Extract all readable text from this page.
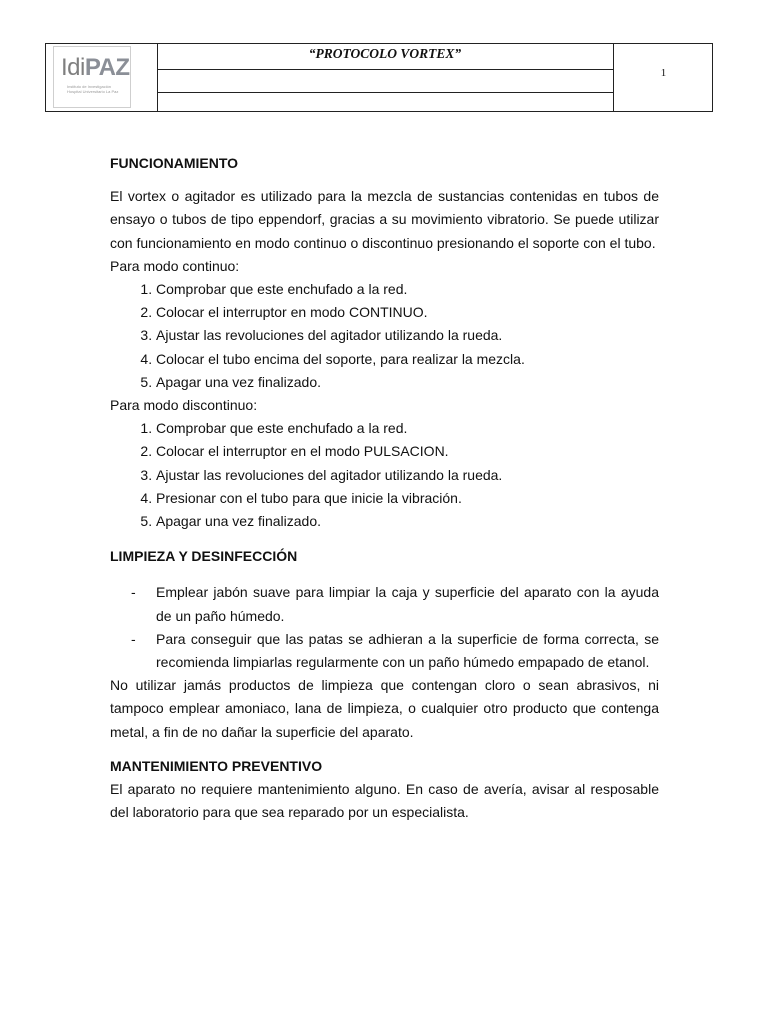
IdiPAZ
Instituto de Investigación Hospital Universitario La Paz
“PROTOCOLO VORTEX”
1
FUNCIONAMIENTO
El vortex o agitador es utilizado para la mezcla de sustancias contenidas en tubos de ensayo o tubos de tipo eppendorf, gracias a su movimiento vibratorio. Se puede utilizar con funcionamiento en modo continuo o discontinuo presionando el soporte con el tubo.
Para modo continuo:
1. Comprobar que este enchufado a la red.
2. Colocar el interruptor en modo CONTINUO.
3. Ajustar las revoluciones del agitador utilizando la rueda.
4. Colocar el tubo encima del soporte, para realizar la mezcla.
5. Apagar una vez finalizado.
Para modo discontinuo:
1. Comprobar que este enchufado a la red.
2. Colocar el interruptor en el modo PULSACION.
3. Ajustar las revoluciones del agitador utilizando la rueda.
4. Presionar con el tubo para que inicie la vibración.
5. Apagar una vez finalizado.
LIMPIEZA Y DESINFECCIÓN
- Emplear jabón suave para limpiar la caja y superficie del aparato con la ayuda de un paño húmedo.
- Para conseguir que las patas se adhieran a la superficie de forma correcta, se recomienda limpiarlas regularmente con un paño húmedo empapado de etanol.
No utilizar jamás productos de limpieza que contengan cloro o sean abrasivos, ni tampoco emplear amoniaco, lana de limpieza, o cualquier otro producto que contenga metal, a fin de no dañar la superficie del aparato.
MANTENIMIENTO PREVENTIVO
El aparato no requiere mantenimiento alguno. En caso de avería, avisar al resposable del laboratorio para que sea reparado por un especialista.
